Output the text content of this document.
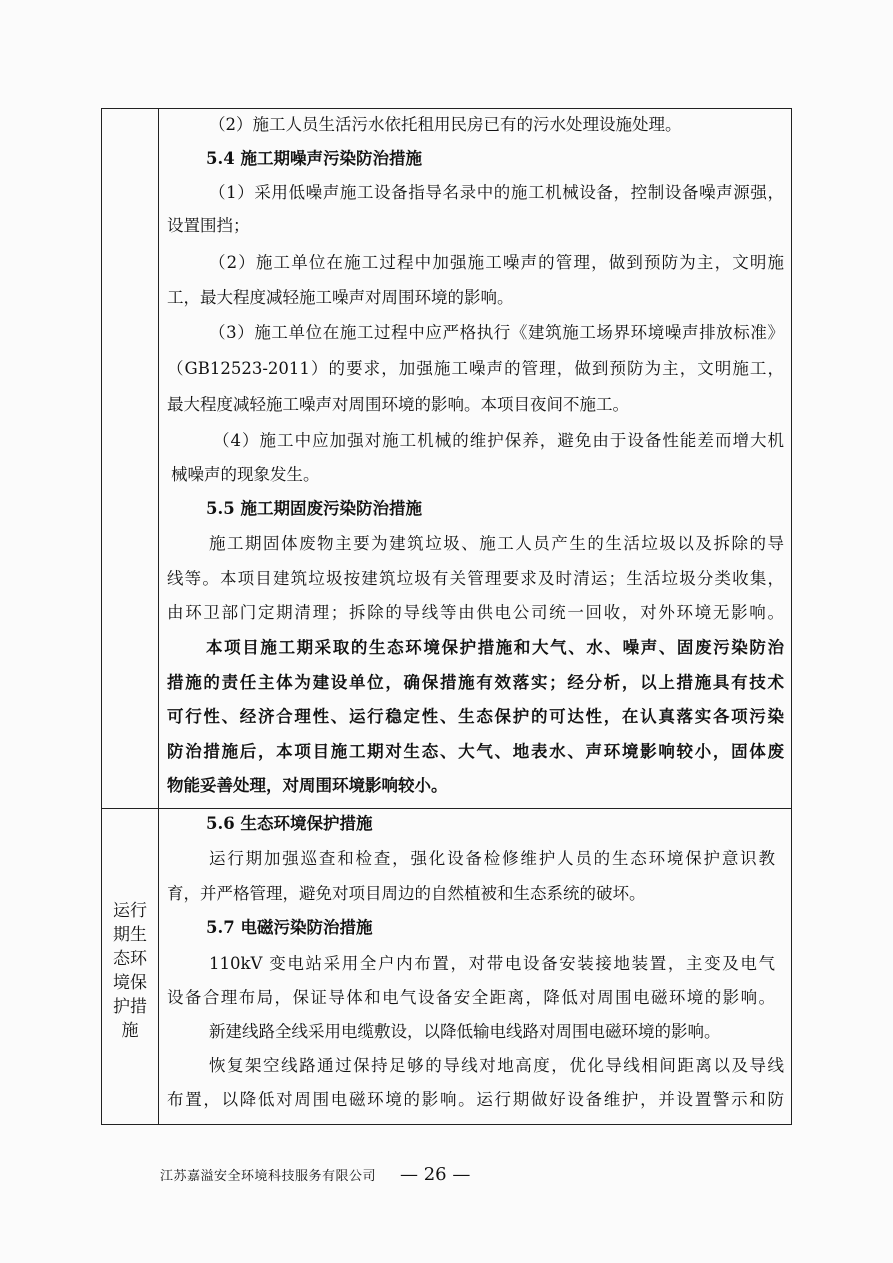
运行
期生
态环
境保
护措
施
（2）施工人员生活污水依托租用民房已有的污水处理设施处理。
5.4 施工期噪声污染防治措施
（1）采用低噪声施工设备指导名录中的施工机械设备，控制设备噪声源强，
设置围挡；
（2）施工单位在施工过程中加强施工噪声的管理，做到预防为主，文明施
工，最大程度减轻施工噪声对周围环境的影响。
（3）施工单位在施工过程中应严格执行《建筑施工场界环境噪声排放标准》
（GB12523-2011）的要求，加强施工噪声的管理，做到预防为主，文明施工，
最大程度减轻施工噪声对周围环境的影响。本项目夜间不施工。
（4）施工中应加强对施工机械的维护保养，避免由于设备性能差而增大机
械噪声的现象发生。
5.5 施工期固废污染防治措施
施工期固体废物主要为建筑垃圾、施工人员产生的生活垃圾以及拆除的导
线等。本项目建筑垃圾按建筑垃圾有关管理要求及时清运；生活垃圾分类收集，
由环卫部门定期清理；拆除的导线等由供电公司统一回收，对外环境无影响。
本项目施工期采取的生态环境保护措施和大气、水、噪声、固废污染防治
措施的责任主体为建设单位，确保措施有效落实；经分析，以上措施具有技术
可行性、经济合理性、运行稳定性、生态保护的可达性，在认真落实各项污染
防治措施后，本项目施工期对生态、大气、地表水、声环境影响较小，固体废
物能妥善处理，对周围环境影响较小。
5.6 生态环境保护措施
运行期加强巡查和检查，强化设备检修维护人员的生态环境保护意识教
育，并严格管理，避免对项目周边的自然植被和生态系统的破坏。
5.7 电磁污染防治措施
110kV 变电站采用全户内布置，对带电设备安装接地装置，主变及电气
设备合理布局，保证导体和电气设备安全距离，降低对周围电磁环境的影响。
新建线路全线采用电缆敷设，以降低输电线路对周围电磁环境的影响。
恢复架空线路通过保持足够的导线对地高度，优化导线相间距离以及导线
布置，以降低对周围电磁环境的影响。运行期做好设备维护，并设置警示和防
江苏嘉溢安全环境科技服务有限公司 — 26 —
